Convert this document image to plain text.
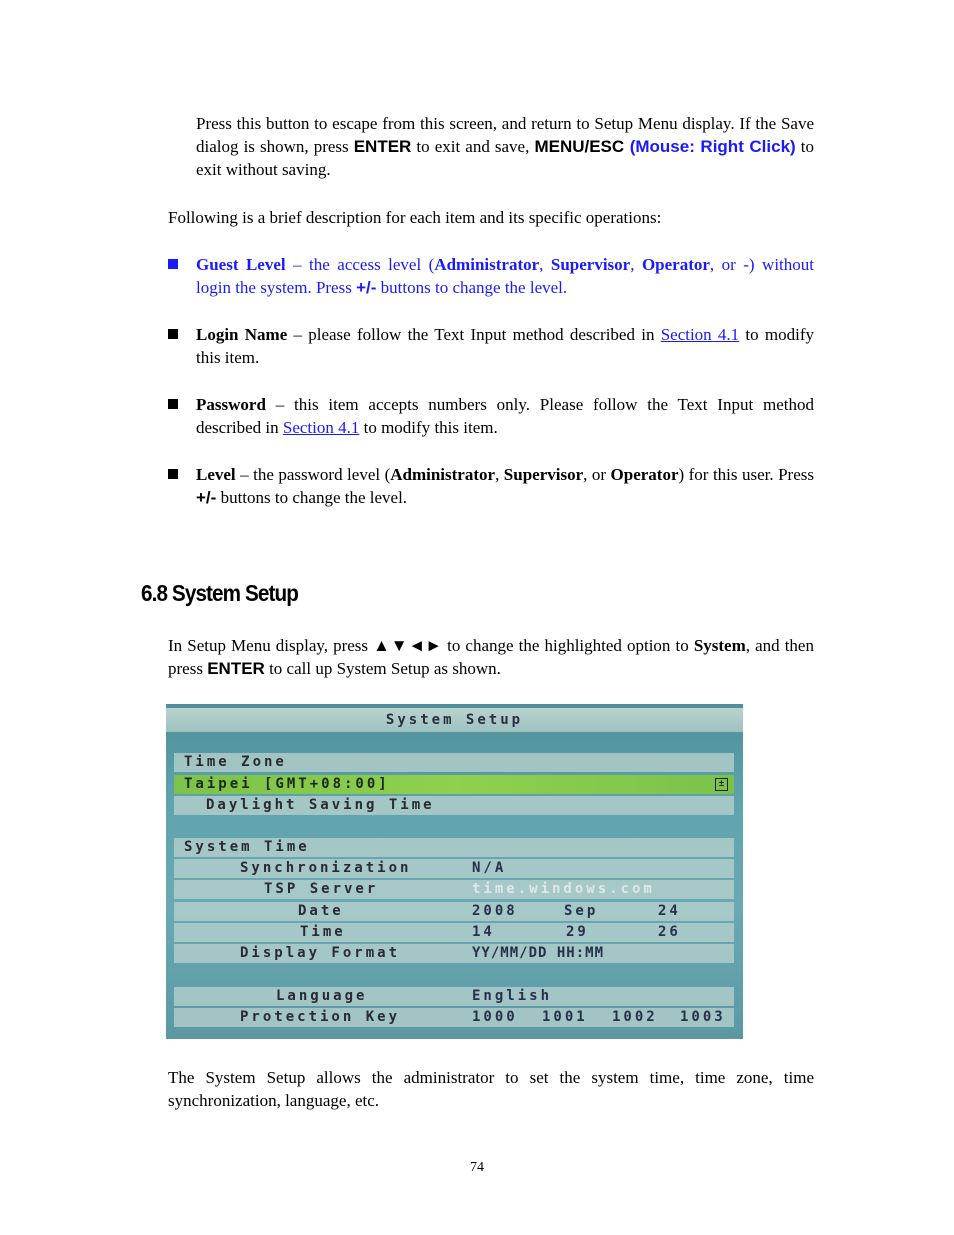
Press this button to escape from this screen, and return to Setup Menu display. If the Save dialog is shown, press ENTER to exit and save, MENU/ESC (Mouse: Right Click) to exit without saving.
Following is a brief description for each item and its specific operations:
Guest Level – the access level (Administrator, Supervisor, Operator, or -) without login the system. Press +/- buttons to change the level.
Login Name – please follow the Text Input method described in Section 4.1 to modify this item.
Password – this item accepts numbers only. Please follow the Text Input method described in Section 4.1 to modify this item.
Level – the password level (Administrator, Supervisor, or Operator) for this user. Press +/- buttons to change the level.
6.8 System Setup
In Setup Menu display, press ▲▼◄► to change the highlighted option to System, and then press ENTER to call up System Setup as shown.
System Setup
Time Zone
Taipei [GMT+08:00]	±
Daylight Saving Time
System Time
Synchronization	N/A
TSP Server	time.windows.com
Date	2008	Sep	24
Time	14	29	26
Display Format	YY/MM/DD HH:MM
Language	English
Protection Key	1000 1001 1002 1003
The System Setup allows the administrator to set the system time, time zone, time synchronization, language, etc.
74
